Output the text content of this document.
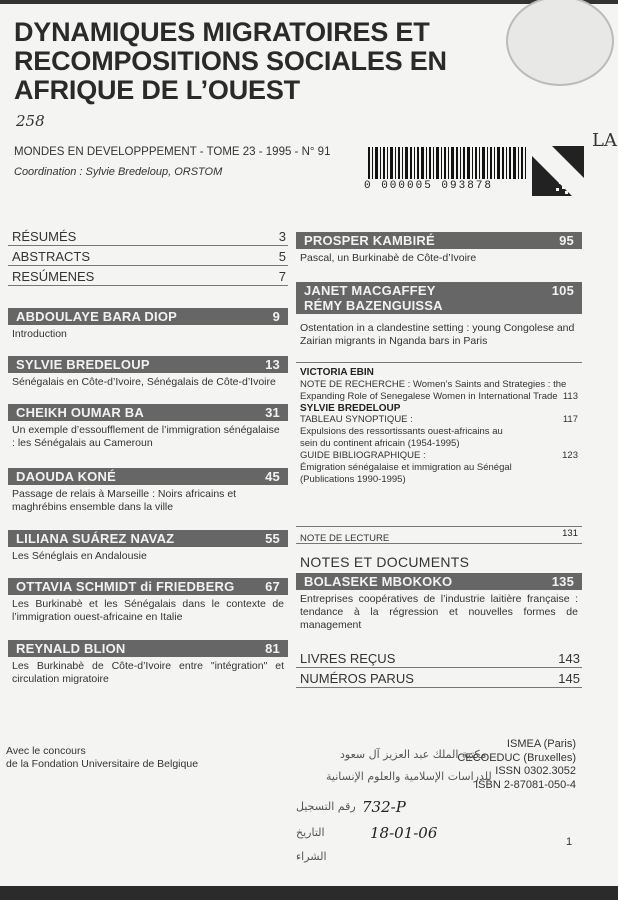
DYNAMIQUES MIGRATOIRES ET
RECOMPOSITIONS SOCIALES EN
AFRIQUE DE L’OUEST
258
LA
MONDES EN DEVELOPPPEMENT - TOME 23 - 1995 - N° 91
Coordination : Sylvie Bredeloup, ORSTOM
0 000005 093878
RÉSUMÉS	3
ABSTRACTS	5
RESÚMENES	7
ABDOULAYE BARA DIOP	9
Introduction
SYLVIE BREDELOUP	13
Sénégalais en Côte-d’Ivoire, Sénégalais de Côte-d’Ivoire
CHEIKH OUMAR BA	31
Un exemple d’essoufflement de l’immigration sénégalaise : les Sénégalais au Cameroun
DAOUDA KONÉ	45
Passage de relais à Marseille : Noirs africains et maghrébins ensemble dans la ville
LILIANA SUÁREZ NAVAZ	55
Les Sénéglais en Andalousie
OTTAVIA SCHMIDT di FRIEDBERG 67
Les Burkinabè et les Sénégalais dans le contexte de l’immigration ouest-africaine en Italie
REYNALD BLION	81
Les Burkinabè de Côte-d’Ivoire entre "intégration" et circulation migratoire
PROSPER KAMBIRÉ	95
Pascal, un Burkinabè de Côte-d’Ivoire
JANET MACGAFFEY
RÉMY BAZENGUISSA
105
Ostentation in a clandestine setting : young Congolese and Zairian migrants in Nganda bars in Paris
VICTORIA EBIN
NOTE DE RECHERCHE : Women’s Saints and Strategies : the Expanding Role of Senegalese Women in International Trade 113
SYLVIE BREDELOUP
TABLEAU SYNOPTIQUE :	117
Expulsions des ressortissants ouest-africains au sein du continent africain (1954-1995)
GUIDE BIBLIOGRAPHIQUE :	123
Émigration sénégalaise et immigration au Sénégal (Publications 1990-1995)
NOTE DE LECTURE	131
NOTES ET DOCUMENTS
BOLASEKE MBOKOKO	135
Entreprises coopératives de l’industrie laitière française : tendance à la régression et nouvelles formes de management
LIVRES REÇUS	143
NUMÉROS PARUS	145
Avec le concours
de la Fondation Universitaire de Belgique
مكتبة الملك عبد العزيز آل سعود
للدراسات الإسلامية والعلوم الإنسانية
رقم التسجيل 732-P
التاريخ	18-01-06
الشراء
ISMEA (Paris)
CECOEDUC (Bruxelles)
ISSN 0302.3052
ISBN 2-87081-050-4
1
